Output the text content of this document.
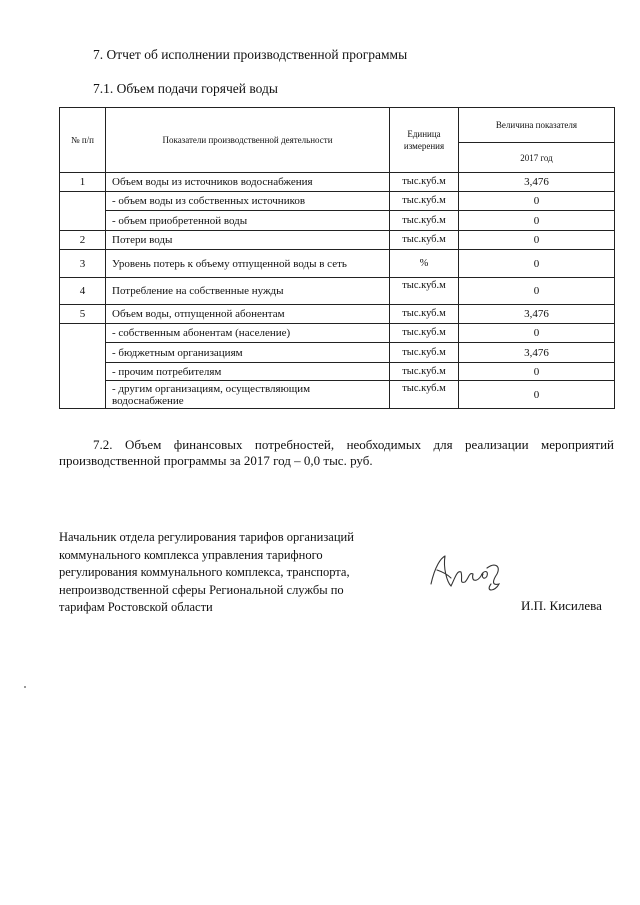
7. Отчет об исполнении производственной программы
7.1. Объем подачи горячей воды
№ п/п	Показатели производственной деятельности	Единица измерения	Величина показателя
			2017 год
1	Объем воды из источников водоснабжения	тыс.куб.м	3,476
	- объем воды из собственных источников	тыс.куб.м	0
	- объем приобретенной воды	тыс.куб.м	0
2	Потери воды	тыс.куб.м	0
3	Уровень потерь к объему отпущенной воды в сеть	%	0
4	Потребление на собственные нужды	тыс.куб.м	0
5	Объем воды, отпущенной абонентам	тыс.куб.м	3,476
	- собственным абонентам (население)	тыс.куб.м	0
	- бюджетным организациям	тыс.куб.м	3,476
	- прочим потребителям	тыс.куб.м	0
	- другим организациям, осуществляющим водоснабжение	тыс.куб.м	0
7.2. Объем финансовых потребностей, необходимых для реализации мероприятий производственной программы за 2017 год – 0,0 тыс. руб.
Начальник отдела регулирования тарифов организаций коммунального комплекса управления тарифного регулирования коммунального комплекса, транспорта, непроизводственной сферы Региональной службы по тарифам Ростовской области	И.П. Кисилева
